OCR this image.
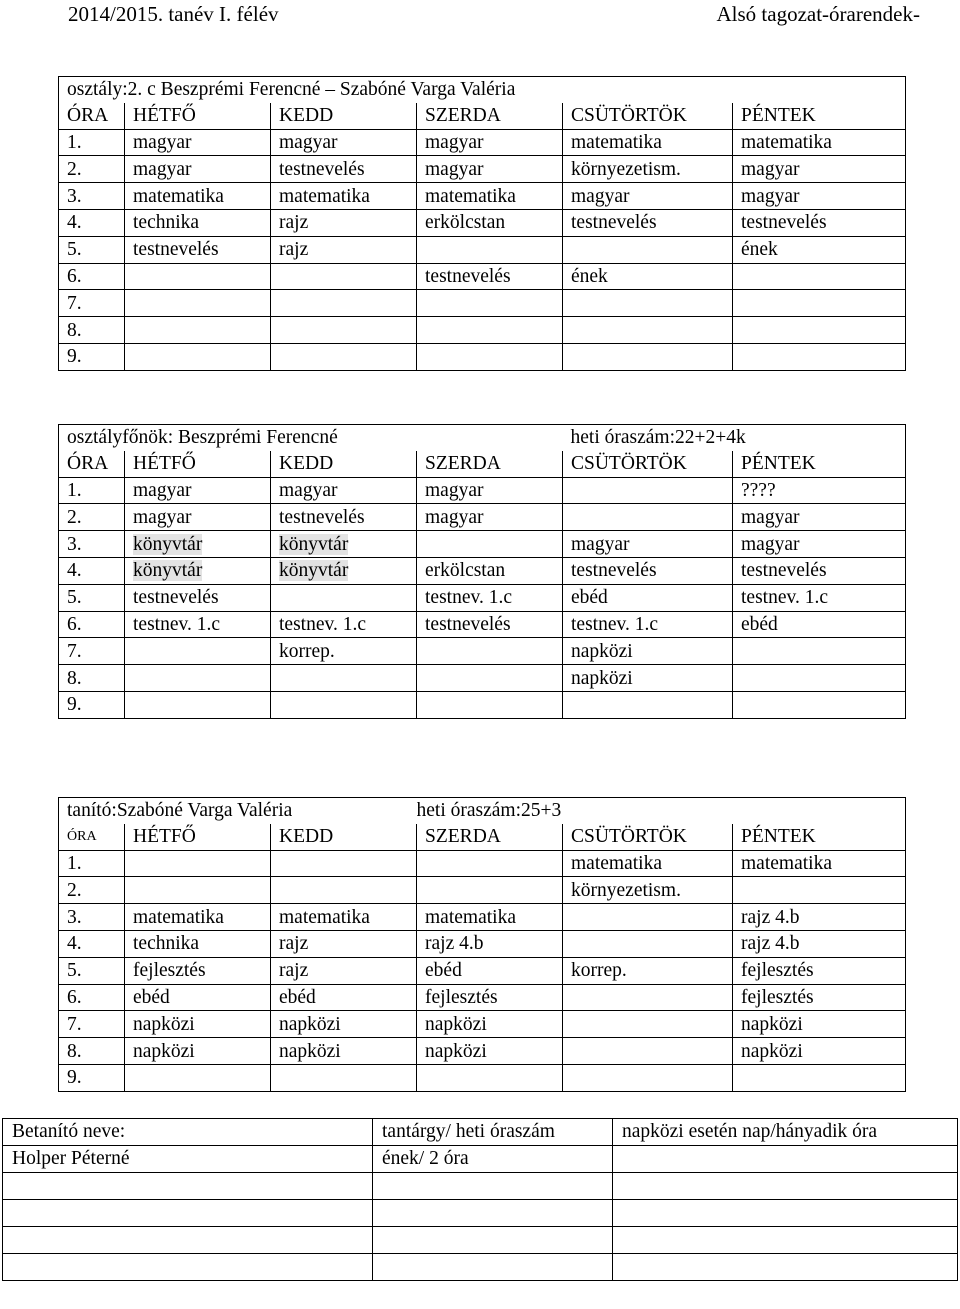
2014/2015. tanév I. félév	Alsó tagozat-órarendek-
osztály:2. c Beszprémi Ferencné – Szabóné Varga Valéria					
ÓRA	HÉTFŐ	KEDD	SZERDA	CSÜTÖRTÖK	PÉNTEK
1.	magyar	magyar	magyar	matematika	matematika
2.	magyar	testnevelés	magyar	környezetism.	magyar
3.	matematika	matematika	matematika	magyar	magyar
4.	technika	rajz	erkölcstan	testnevelés	testnevelés
5.	testnevelés	rajz			ének
6.			testnevelés	ének	
7.					
8.					
9.					
osztályfőnök: Beszprémi Ferencné				heti óraszám:22+2+4k	
ÓRA	HÉTFŐ	KEDD	SZERDA	CSÜTÖRTÖK	PÉNTEK
1.	magyar	magyar	magyar		????
2.	magyar	testnevelés	magyar		magyar
3.	könyvtár	könyvtár		magyar	magyar
4.	könyvtár	könyvtár	erkölcstan	testnevelés	testnevelés
5.	testnevelés		testnev. 1.c	ebéd	testnev. 1.c
6.	testnev. 1.c	testnev. 1.c	testnevelés	testnev. 1.c	ebéd
7.		korrep.		napközi	
8.				napközi	
9.					
tanító:Szabóné Varga Valéria			heti óraszám:25+3		
ÓRA	HÉTFŐ	KEDD	SZERDA	CSÜTÖRTÖK	PÉNTEK
1.				matematika	matematika
2.				környezetism.	
3.	matematika	matematika	matematika		rajz 4.b
4.	technika	rajz	rajz 4.b		rajz 4.b
5.	fejlesztés	rajz	ebéd	korrep.	fejlesztés
6.	ebéd	ebéd	fejlesztés		fejlesztés
7.	napközi	napközi	napközi		napközi
8.	napközi	napközi	napközi		napközi
9.					
Betanító neve:	tantárgy/ heti óraszám	napközi esetén nap/hányadik óra
Holper Péterné	ének/ 2 óra	
